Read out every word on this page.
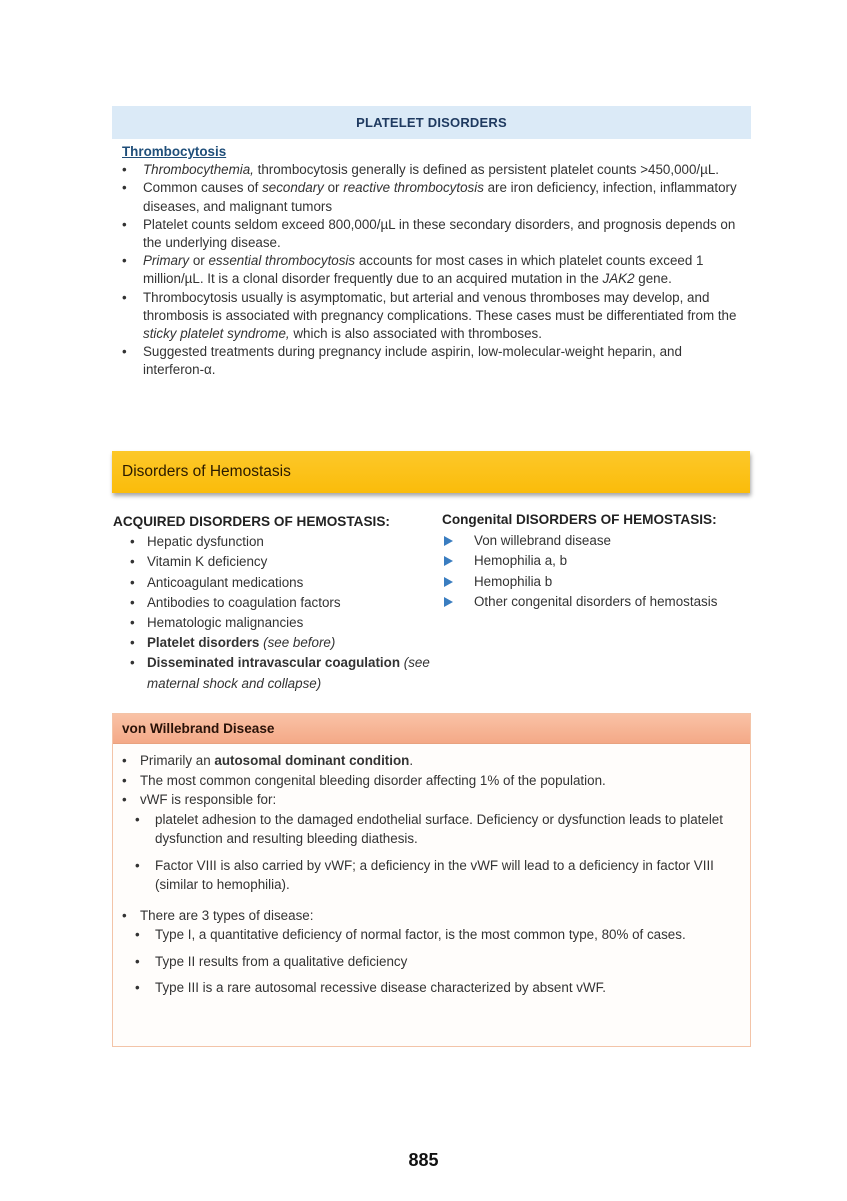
PLATELET DISORDERS
Thrombocytosis
• Thrombocythemia, thrombocytosis generally is defined as persistent platelet counts >450,000/µL.
• Common causes of secondary or reactive thrombocytosis are iron deficiency, infection, inflammatory diseases, and malignant tumors
• Platelet counts seldom exceed 800,000/µL in these secondary disorders, and prognosis depends on the underlying disease.
• Primary or essential thrombocytosis accounts for most cases in which platelet counts exceed 1 million/µL. It is a clonal disorder frequently due to an acquired mutation in the JAK2 gene.
• Thrombocytosis usually is asymptomatic, but arterial and venous thromboses may develop, and thrombosis is associated with pregnancy complications. These cases must be differentiated from the sticky platelet syndrome, which is also associated with thromboses.
• Suggested treatments during pregnancy include aspirin, low-molecular-weight heparin, and interferon-α.
Disorders of Hemostasis
ACQUIRED DISORDERS OF HEMOSTASIS:
• Hepatic dysfunction
• Vitamin K deficiency
• Anticoagulant medications
• Antibodies to coagulation factors
• Hematologic malignancies
• Platelet disorders (see before)
• Disseminated intravascular coagulation (see maternal shock and collapse)
Congenital DISORDERS OF HEMOSTASIS:
Von willebrand disease
Hemophilia a, b
Hemophilia b
Other congenital disorders of hemostasis
von Willebrand Disease
• Primarily an autosomal dominant condition.
• The most common congenital bleeding disorder affecting 1% of the population.
• vWF is responsible for:
• platelet adhesion to the damaged endothelial surface. Deficiency or dysfunction leads to platelet dysfunction and resulting bleeding diathesis.
• Factor VIII is also carried by vWF; a deficiency in the vWF will lead to a deficiency in factor VIII (similar to hemophilia).
• There are 3 types of disease:
• Type I, a quantitative deficiency of normal factor, is the most common type, 80% of cases.
• Type II results from a qualitative deficiency
• Type III is a rare autosomal recessive disease characterized by absent vWF.
885
